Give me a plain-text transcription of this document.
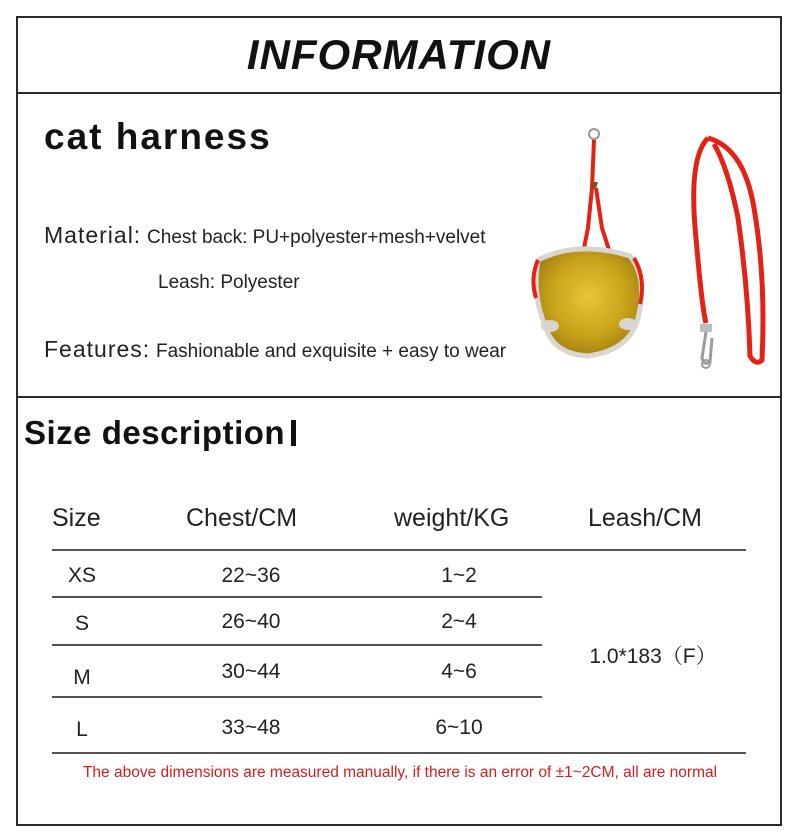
INFORMATION
cat harness
Material: Chest back: PU+polyester+mesh+velvet
Leash: Polyester
Features: Fashionable and exquisite + easy to wear
Size description
Size	Chest/CM	weight/KG	Leash/CM
XS	22~36	1~2
S	26~40	2~4
M	30~44	4~6
L	33~48	6~10
1.0*183（F）
The above dimensions are measured manually, if there is an error of ±1~2CM, all are normal
